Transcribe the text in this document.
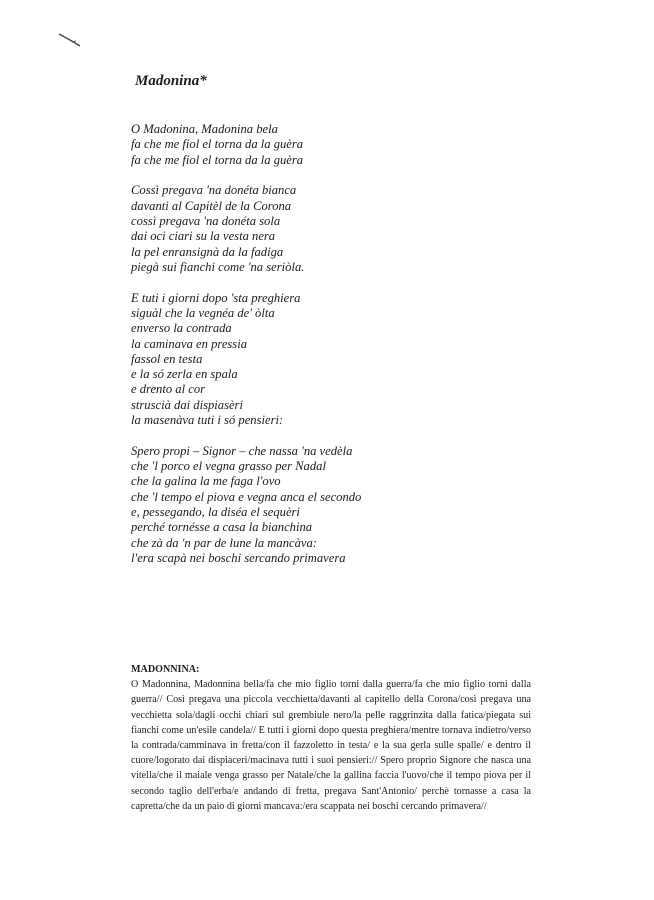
Madonina*
O Madonina, Madonina bela
fa che me fiol el torna da la guèra
fa che me fiol el torna da la guèra
Cossì pregava 'na donéta bianca
davanti al Capitèl de la Corona
cossì pregava 'na donéta sola
dai oci ciari su la vesta nera
la pel enransignà da la fadiga
piegà sui fianchi come 'na seriòla.
E tuti i giorni dopo 'sta preghiera
siguàl che la vegnéa de' òlta
enverso la contrada
la caminava en pressia
fassol en testa
e la só zerla en spala
e drento al cor
struscià dai dispiasèri
la masenàva tuti i só pensieri:
Spero propi – Signor – che nassa 'na vedèla
che 'l porco el vegna grasso per Nadal
che la galina la me faga l'ovo
che 'l tempo el piova e vegna anca el secondo
e, pessegando, la diséa el sequèri
perché tornésse a casa la bianchina
che zà da 'n par de lune la mancàva:
l'era scapà nei boschi sercando primavera
MADONNINA:
O Madonnina, Madonnina bella/fa che mio figlio torni dalla guerra/fa che mio figlio torni dalla guerra// Così pregava una piccola vecchietta/davanti al capitello della Corona/così pregava una vecchietta sola/dagli occhi chiari sul grembiule nero/la pelle raggrinzita dalla fatica/piegata sui fianchi come un'esile candela// E tutti i giorni dopo questa preghiera/mentre tornava indietro/verso la contrada/camminava in fretta/con il fazzoletto in testa/ e la sua gerla sulle spalle/ e dentro il cuore/logorato dai dispiaceri/macinava tutti i suoi pensieri:// Spero proprio Signore che nasca una vitella/che il maiale venga grasso per Natale/che la gallina faccia l'uovo/che il tempo piova per il secondo taglio dell'erba/e andando di fretta, pregava Sant'Antonio/ perchè tornasse a casa la capretta/che da un paio di giorni mancava:/era scappata nei boschi cercando primavera//
